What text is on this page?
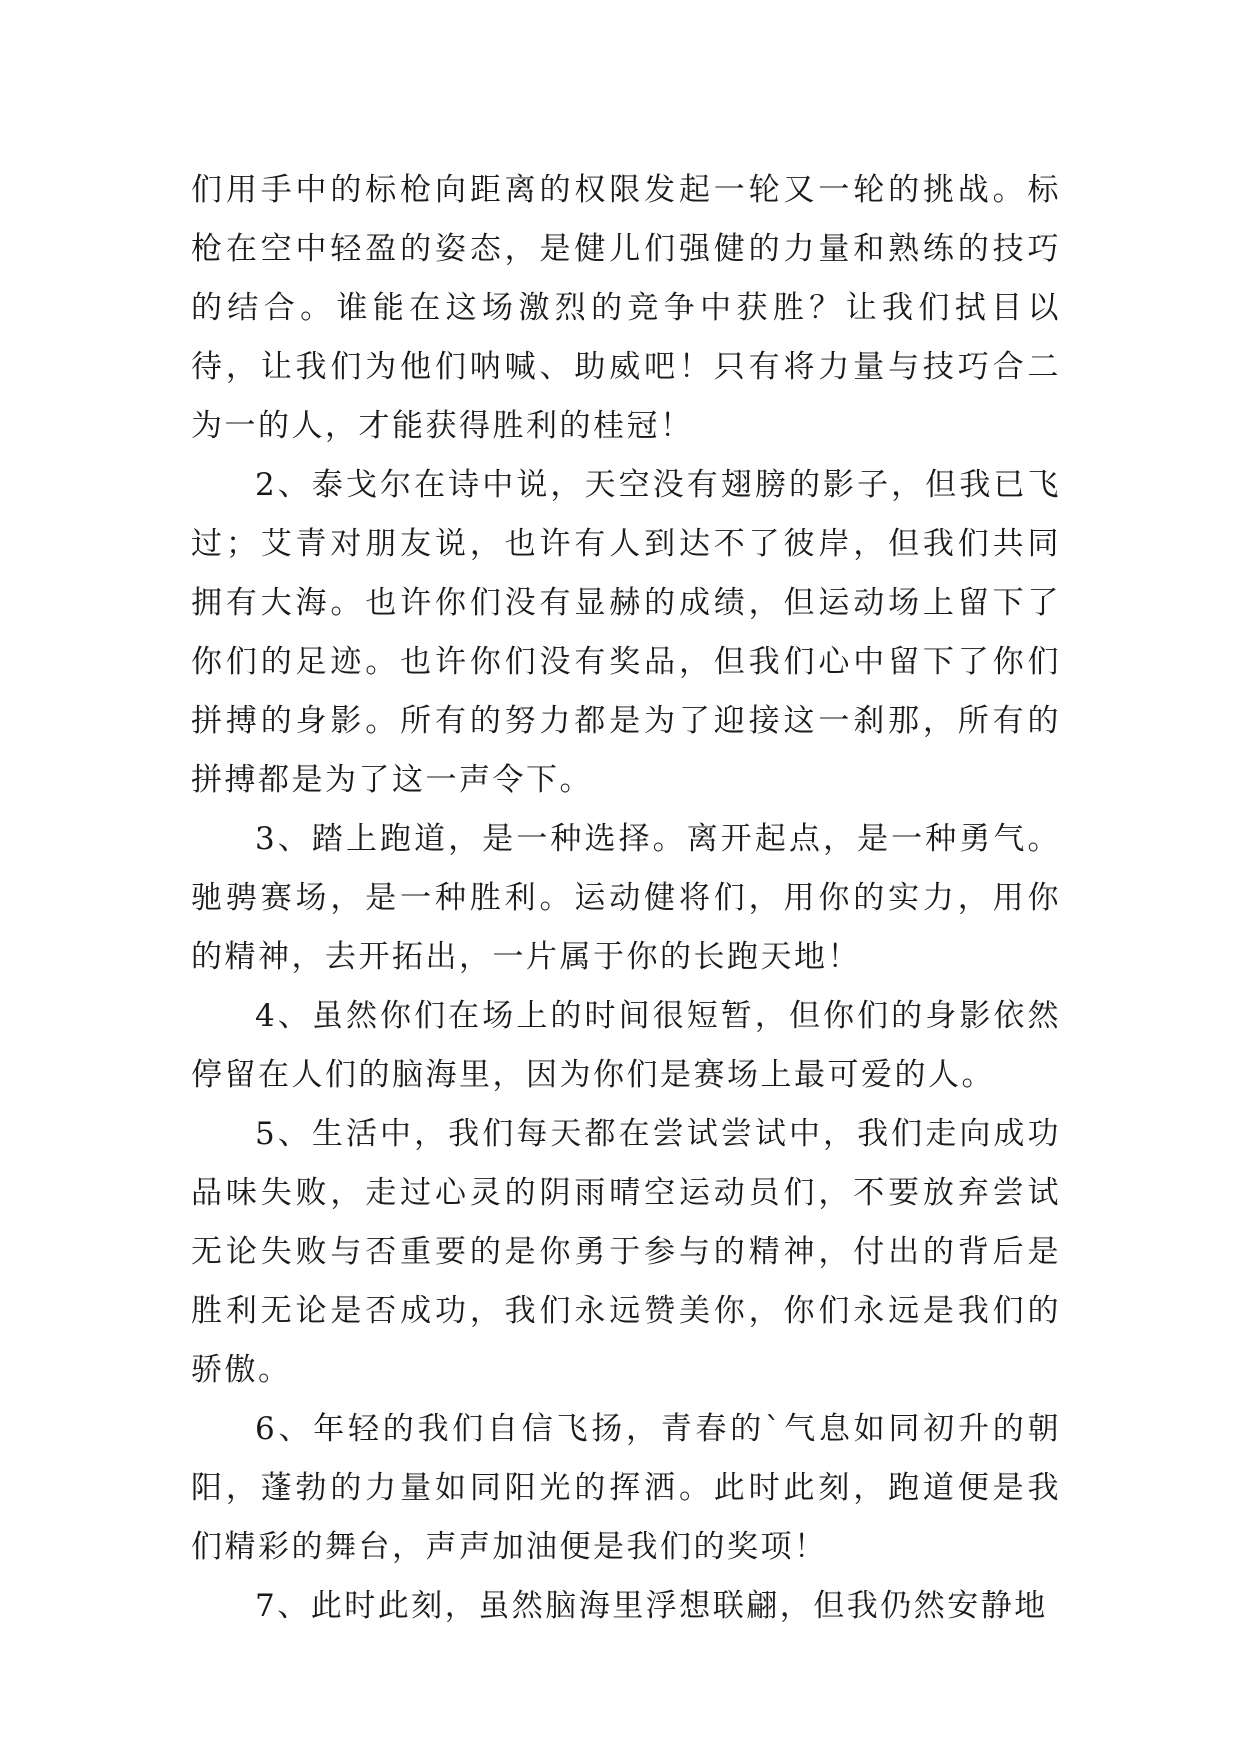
们用手中的标枪向距离的权限发起一轮又一轮的挑战。标枪在空中轻盈的姿态，是健儿们强健的力量和熟练的技巧的结合。谁能在这场激烈的竞争中获胜？让我们拭目以待，让我们为他们呐喊、助威吧！只有将力量与技巧合二为一的人，才能获得胜利的桂冠！

2、泰戈尔在诗中说，天空没有翅膀的影子，但我已飞过；艾青对朋友说，也许有人到达不了彼岸，但我们共同拥有大海。也许你们没有显赫的成绩，但运动场上留下了你们的足迹。也许你们没有奖品，但我们心中留下了你们拼搏的身影。所有的努力都是为了迎接这一刹那，所有的拼搏都是为了这一声令下。

3、踏上跑道，是一种选择。离开起点，是一种勇气。驰骋赛场，是一种胜利。运动健将们，用你的实力，用你的精神，去开拓出，一片属于你的长跑天地！

4、虽然你们在场上的时间很短暂，但你们的身影依然停留在人们的脑海里，因为你们是赛场上最可爱的人。

5、生活中，我们每天都在尝试尝试中，我们走向成功品味失败，走过心灵的阴雨晴空运动员们，不要放弃尝试无论失败与否重要的是你勇于参与的精神，付出的背后是胜利无论是否成功，我们永远赞美你，你们永远是我们的骄傲。

6、年轻的我们自信飞扬，青春的`气息如同初升的朝阳，蓬勃的力量如同阳光的挥洒。此时此刻，跑道便是我们精彩的舞台，声声加油便是我们的奖项！

7、此时此刻，虽然脑海里浮想联翩，但我仍然安静地
